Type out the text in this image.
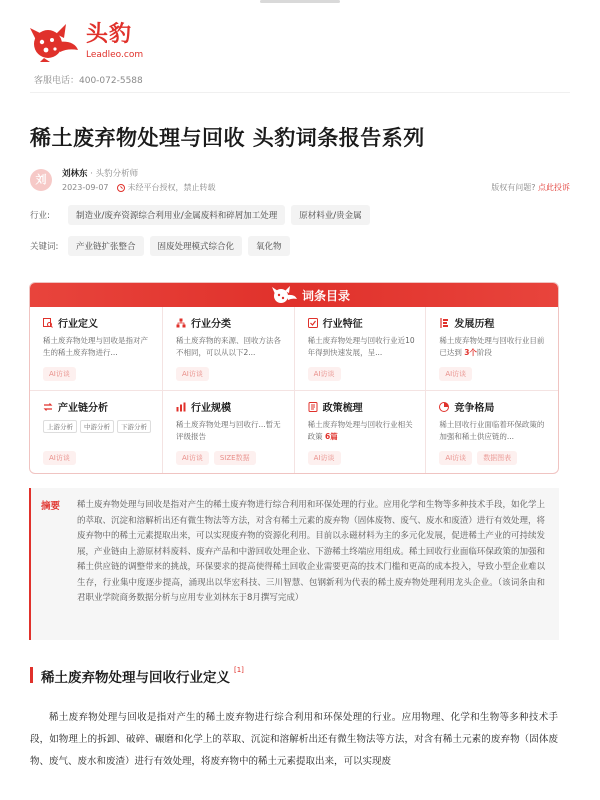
头豹
Leadleo.com
客服电话：400-072-5588
稀土废弃物处理与回收 头豹词条报告系列
刘	刘林东 · 头豹分析师
2023-09-07 未经平台授权，禁止转载	版权有问题? 点此投诉
行业:	制造业/废弃资源综合利用业/金属废料和碎屑加工处理	原材料业/贵金属
关键词:	产业链扩张整合	固废处理模式综合化	氧化物
词条目录
行业定义
稀土废弃物处理与回收是指对产生的稀土废弃物进行...
AI访谈
行业分类
稀土废弃物的来源、回收方法各不相同，可以从以下2...
AI访谈
行业特征
稀土废弃物处理与回收行业近10年得到快速发展，呈...
AI访谈
发展历程
稀土废弃物处理与回收行业目前已达到 3个阶段
AI访谈
产业链分析
上游分析	中游分析	下游分析
AI访谈
行业规模
稀土废弃物处理与回收行...暂无评级报告
AI访谈	SIZE数据
政策梳理
稀土废弃物处理与回收行业相关政策 6篇
AI访谈
竞争格局
稀土回收行业面临着环保政策的加强和稀土供应链的...
AI访谈	数据图表
摘要	稀土废弃物处理与回收是指对产生的稀土废弃物进行综合利用和环保处理的行业。应用化学和生物等多种技术手段，如化学上的萃取、沉淀和溶解析出还有微生物法等方法，对含有稀土元素的废弃物（固体废物、废气、废水和废渣）进行有效处理，将废弃物中的稀土元素提取出来，可以实现废弃物的资源化利用。目前以永磁材料为主的多元化发展，促进稀土产业的可持续发展，产业链由上游原材料废料、废弃产品和中游回收处理企业、下游稀土终端应用组成。稀土回收行业面临环保政策的加强和稀土供应链的调整带来的挑战，环保要求的提高使得稀土回收企业需要更高的技术门槛和更高的成本投入，导致小型企业难以生存，行业集中度逐步提高，涌现出以华宏科技、三川智慧、包钢新利为代表的稀土废弃物处理利用龙头企业。（该词条由和君职业学院商务数据分析与应用专业刘林东于8月撰写完成）
稀土废弃物处理与回收行业定义 [1]

稀土废弃物处理与回收是指对产生的稀土废弃物进行综合利用和环保处理的行业。应用物理、化学和生物等多种技术手段，如物理上的拆卸、破碎、碾磨和化学上的萃取、沉淀和溶解析出还有微生物法等方法，对含有稀土元素的废弃物（固体废物、废气、废水和废渣）进行有效处理，将废弃物中的稀土元素提取出来，可以实现废
